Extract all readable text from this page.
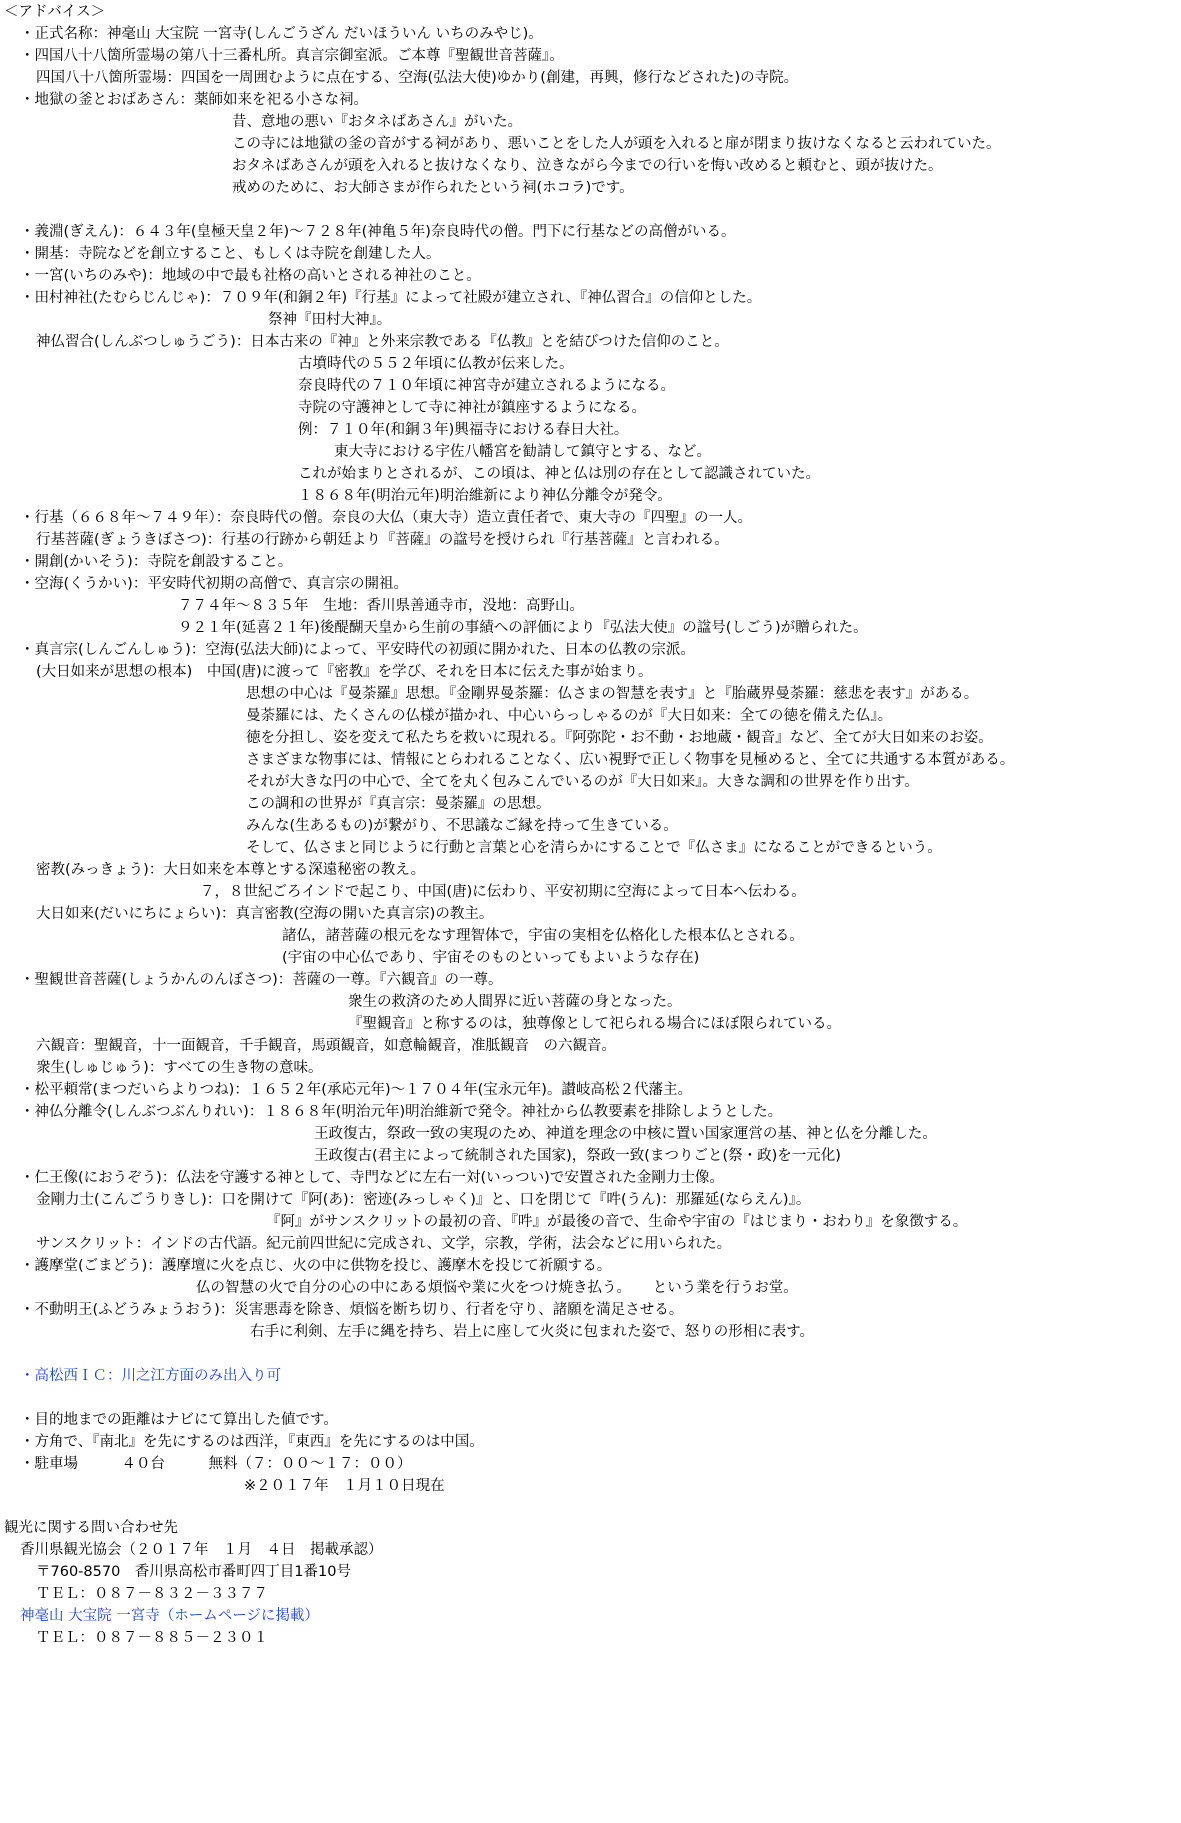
＜アドバイス＞
・正式名称：神毫山 大宝院 一宮寺(しんごうざん だいほういん いちのみやじ)。
・四国八十八箇所霊場の第八十三番札所。真言宗御室派。ご本尊『聖観世音菩薩』。
四国八十八箇所霊場：四国を一周囲むように点在する、空海(弘法大使)ゆかり(創建，再興，修行などされた)の寺院。
・地獄の釜とおばあさん：薬師如来を祀る小さな祠。
昔、意地の悪い『おタネばあさん』がいた。
この寺には地獄の釜の音がする祠があり、悪いことをした人が頭を入れると扉が閉まり抜けなくなると云われていた。
おタネばあさんが頭を入れると抜けなくなり、泣きながら今までの行いを悔い改めると頼むと、頭が抜けた。
戒めのために、お大師さまが作られたという祠(ホコラ)です。
・義淵(ぎえん)：６４３年(皇極天皇２年)～７２８年(神亀５年)奈良時代の僧。門下に行基などの高僧がいる。
・開基：寺院などを創立すること、もしくは寺院を創建した人。
・一宮(いちのみや)：地域の中で最も社格の高いとされる神社のこと。
・田村神社(たむらじんじゃ)：７０９年(和銅２年)『行基』によって社殿が建立され、『神仏習合』の信仰とした。
祭神『田村大神』。
神仏習合(しんぶつしゅうごう)：日本古来の『神』と外来宗教である『仏教』とを結びつけた信仰のこと。
古墳時代の５５２年頃に仏教が伝来した。
奈良時代の７１０年頃に神宮寺が建立されるようになる。
寺院の守護神として寺に神社が鎮座するようになる。
例：７１０年(和銅３年)興福寺における春日大社。
東大寺における宇佐八幡宮を勧請して鎮守とする、など。
これが始まりとされるが、この頃は、神と仏は別の存在として認識されていた。
１８６８年(明治元年)明治維新により神仏分離令が発令。
・行基（６６８年～７４９年）：奈良時代の僧。奈良の大仏（東大寺）造立責任者で、東大寺の『四聖』の一人。
行基菩薩(ぎょうきぼさつ)：行基の行跡から朝廷より『菩薩』の諡号を授けられ『行基菩薩』と言われる。
・開創(かいそう)：寺院を創設すること。
・空海(くうかい)：平安時代初期の高僧で、真言宗の開祖。
７７４年～８３５年　生地：香川県善通寺市，没地：高野山。
９２１年(延喜２１年)後醍醐天皇から生前の事績への評価により『弘法大使』の諡号(しごう)が贈られた。
・真言宗(しんごんしゅう)：空海(弘法大師)によって、平安時代の初頭に開かれた、日本の仏教の宗派。
(大日如来が思想の根本)　中国(唐)に渡って『密教』を学び、それを日本に伝えた事が始まり。
思想の中心は『曼荼羅』思想。『金剛界曼荼羅：仏さまの智慧を表す』と『胎蔵界曼荼羅：慈悲を表す』がある。
曼荼羅には、たくさんの仏様が描かれ、中心いらっしゃるのが『大日如来：全ての徳を備えた仏』。
徳を分担し、姿を変えて私たちを救いに現れる。『阿弥陀・お不動・お地蔵・観音』など、全てが大日如来のお姿。
さまざまな物事には、情報にとらわれることなく、広い視野で正しく物事を見極めると、全てに共通する本質がある。
それが大きな円の中心で、全てを丸く包みこんでいるのが『大日如来』。大きな調和の世界を作り出す。
この調和の世界が『真言宗：曼荼羅』の思想。
みんな(生あるもの)が繋がり、不思議なご縁を持って生きている。
そして、仏さまと同じように行動と言葉と心を清らかにすることで『仏さま』になることができるという。
密教(みっきょう)：大日如来を本尊とする深遠秘密の教え。
７，８世紀ごろインドで起こり、中国(唐)に伝わり、平安初期に空海によって日本へ伝わる。
大日如来(だいにちにょらい)：真言密教(空海の開いた真言宗)の教主。
諸仏，諸菩薩の根元をなす理智体で，宇宙の実相を仏格化した根本仏とされる。
(宇宙の中心仏であり、宇宙そのものといってもよいような存在)
・聖観世音菩薩(しょうかんのんぼさつ)：菩薩の一尊。『六観音』の一尊。
衆生の救済のため人間界に近い菩薩の身となった。
『聖観音』と称するのは，独尊像として祀られる場合にほぼ限られている。
六観音：聖観音，十一面観音，千手観音，馬頭観音，如意輪観音，准胝観音　の六観音。
衆生(しゅじゅう)：すべての生き物の意味。
・松平頼常(まつだいらよりつね)：１６５２年(承応元年)～１７０４年(宝永元年)。讃岐高松２代藩主。
・神仏分離令(しんぶつぶんりれい)：１８６８年(明治元年)明治維新で発令。神社から仏教要素を排除しようとした。
王政復古，祭政一致の実現のため、神道を理念の中核に置い国家運営の基、神と仏を分離した。
王政復古(君主によって統制された国家)，祭政一致(まつりごと(祭・政)を一元化)
・仁王像(におうぞう)：仏法を守護する神として、寺門などに左右一対(いっつい)で安置された金剛力士像。
金剛力士(こんごうりきし)：口を開けて『阿(あ)：密迹(みっしゃく)』と、口を閉じて『吽(うん)：那羅延(ならえん)』。
『阿』がサンスクリットの最初の音、『吽』が最後の音で、生命や宇宙の『はじまり・おわり』を象徴する。
サンスクリット：インドの古代語。紀元前四世紀に完成され、文学，宗教，学術，法会などに用いられた。
・護摩堂(ごまどう)：護摩壇に火を点じ、火の中に供物を投じ、護摩木を投じて祈願する。
仏の智慧の火で自分の心の中にある煩悩や業に火をつけ焼き払う。　　という業を行うお堂。
・不動明王(ふどうみょうおう)：災害悪毒を除き、煩悩を断ち切り、行者を守り、諸願を満足させる。
右手に利剣、左手に縄を持ち、岩上に座して火炎に包まれた姿で、怒りの形相に表す。
・高松西ＩＣ：川之江方面のみ出入り可
・目的地までの距離はナビにて算出した値です。
・方角で、『南北』を先にするのは西洋，『東西』を先にするのは中国。
・駐車場　　　４０台　　　無料（７：００～１７：００）
※２０１７年　１月１０日現在
観光に関する問い合わせ先
香川県観光協会（２０１７年　１月　４日　掲載承認）
〒760-8570　香川県高松市番町四丁目1番10号
ＴＥＬ：０８７－８３２－３３７７
神毫山 大宝院 一宮寺（ホームページに掲載）
ＴＥＬ：０８７－８８５－２３０１
